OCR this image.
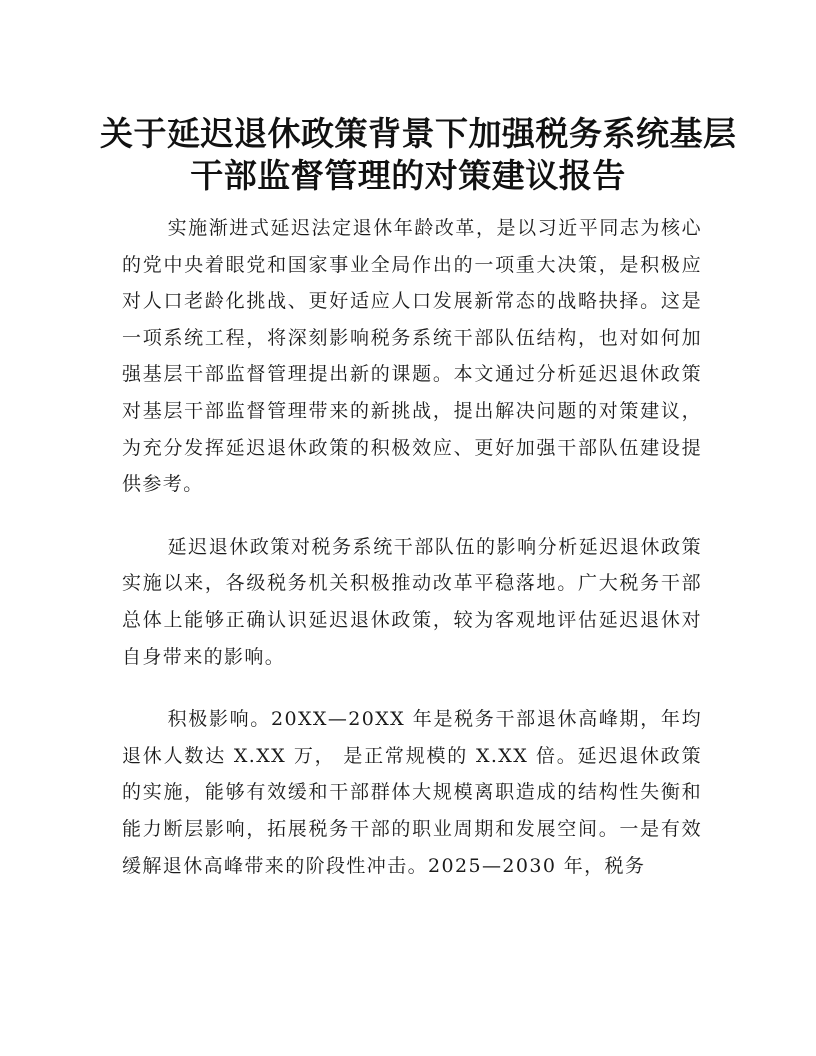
关于延迟退休政策背景下加强税务系统基层
干部监督管理的对策建议报告

实施渐进式延迟法定退休年龄改革，是以习近平同志为核心的党中央着眼党和国家事业全局作出的一项重大决策，是积极应对人口老龄化挑战、更好适应人口发展新常态的战略抉择。这是一项系统工程，将深刻影响税务系统干部队伍结构，也对如何加强基层干部监督管理提出新的课题。本文通过分析延迟退休政策对基层干部监督管理带来的新挑战，提出解决问题的对策建议，为充分发挥延迟退休政策的积极效应、更好加强干部队伍建设提供参考。

延迟退休政策对税务系统干部队伍的影响分析延迟退休政策实施以来，各级税务机关积极推动改革平稳落地。广大税务干部总体上能够正确认识延迟退休政策，较为客观地评估延迟退休对自身带来的影响。

积极影响。20XX—20XX 年是税务干部退休高峰期，年均退休人数达 X.XX 万， 是正常规模的 X.XX 倍。延迟退休政策的实施，能够有效缓和干部群体大规模离职造成的结构性失衡和能力断层影响，拓展税务干部的职业周期和发展空间。一是有效缓解退休高峰带来的阶段性冲击。2025—2030 年，税务
